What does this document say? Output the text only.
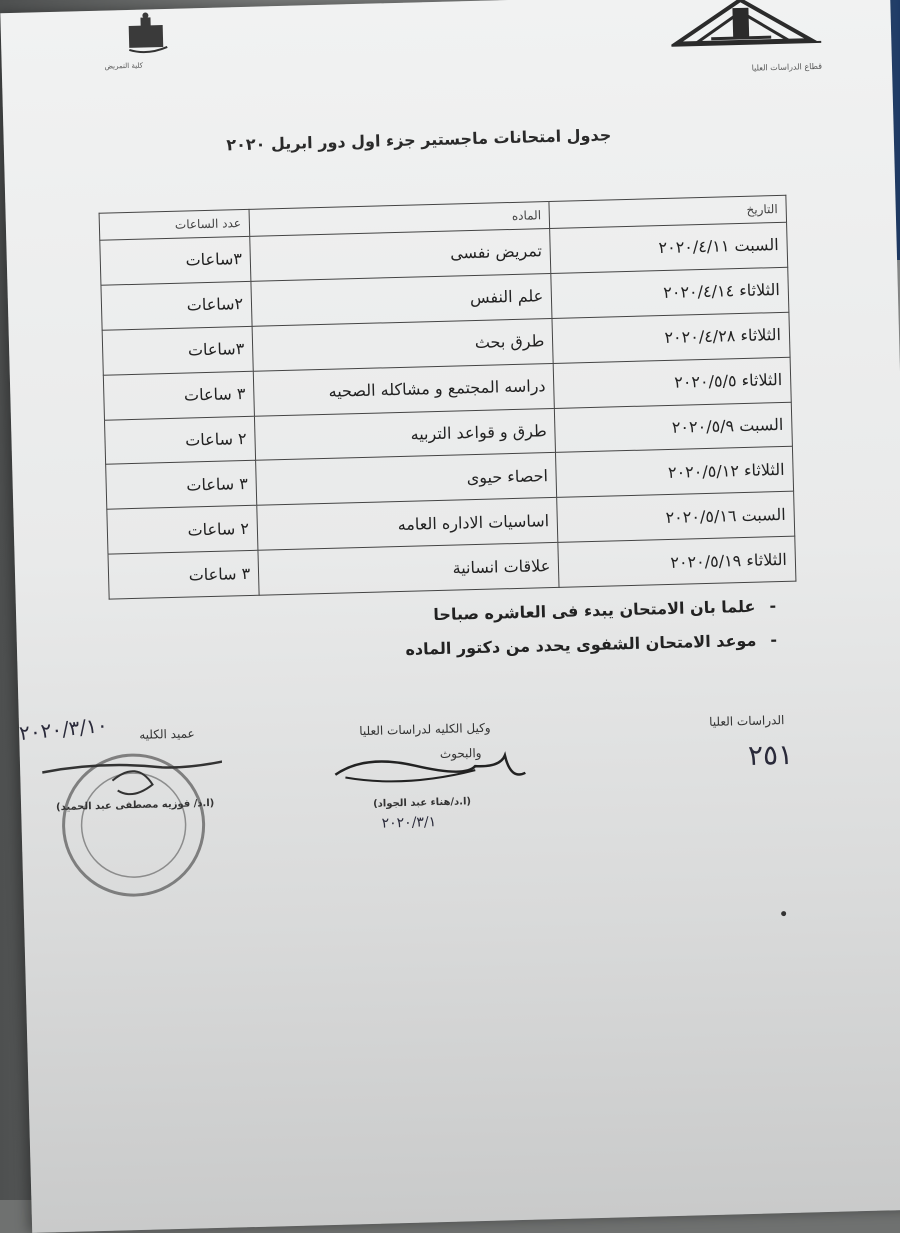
كلية التمريض	قطاع الدراسات العليا
جدول امتحانات ماجستير جزء اول دور ابريل ٢٠٢٠
التاريخ	الماده	عدد الساعات
السبت ٢٠٢٠/٤/١١	تمريض نفسى	٣ساعات
الثلاثاء ٢٠٢٠/٤/١٤	علم النفس	٢ساعات
الثلاثاء ٢٠٢٠/٤/٢٨	طرق بحث	٣ساعات
الثلاثاء ٢٠٢٠/٥/٥	دراسه المجتمع و مشاكله الصحيه	٣ ساعات
السبت ٢٠٢٠/٥/٩	طرق و قواعد التربيه	٢ ساعات
الثلاثاء ٢٠٢٠/٥/١٢	احصاء حيوى	٣ ساعات
السبت ٢٠٢٠/٥/١٦	اساسيات الاداره العامه	٢ ساعات
الثلاثاء ٢٠٢٠/٥/١٩	علاقات انسانية	٣ ساعات
-
علما بان الامتحان يبدء فى العاشره صباحا
-
موعد الامتحان الشفوى يحدد من دكتور الماده
الدراسات العليا
٢٥١
وكيل الكليه لدراسات العليا
والبحوث
(ا.د/هناء عبد الجواد)
٢٠٢٠/٣/١
عميد الكليه
٢٠٢٠/٣/١٠
(ا.د/ فوزيه مصطفى عبد الحميد)
